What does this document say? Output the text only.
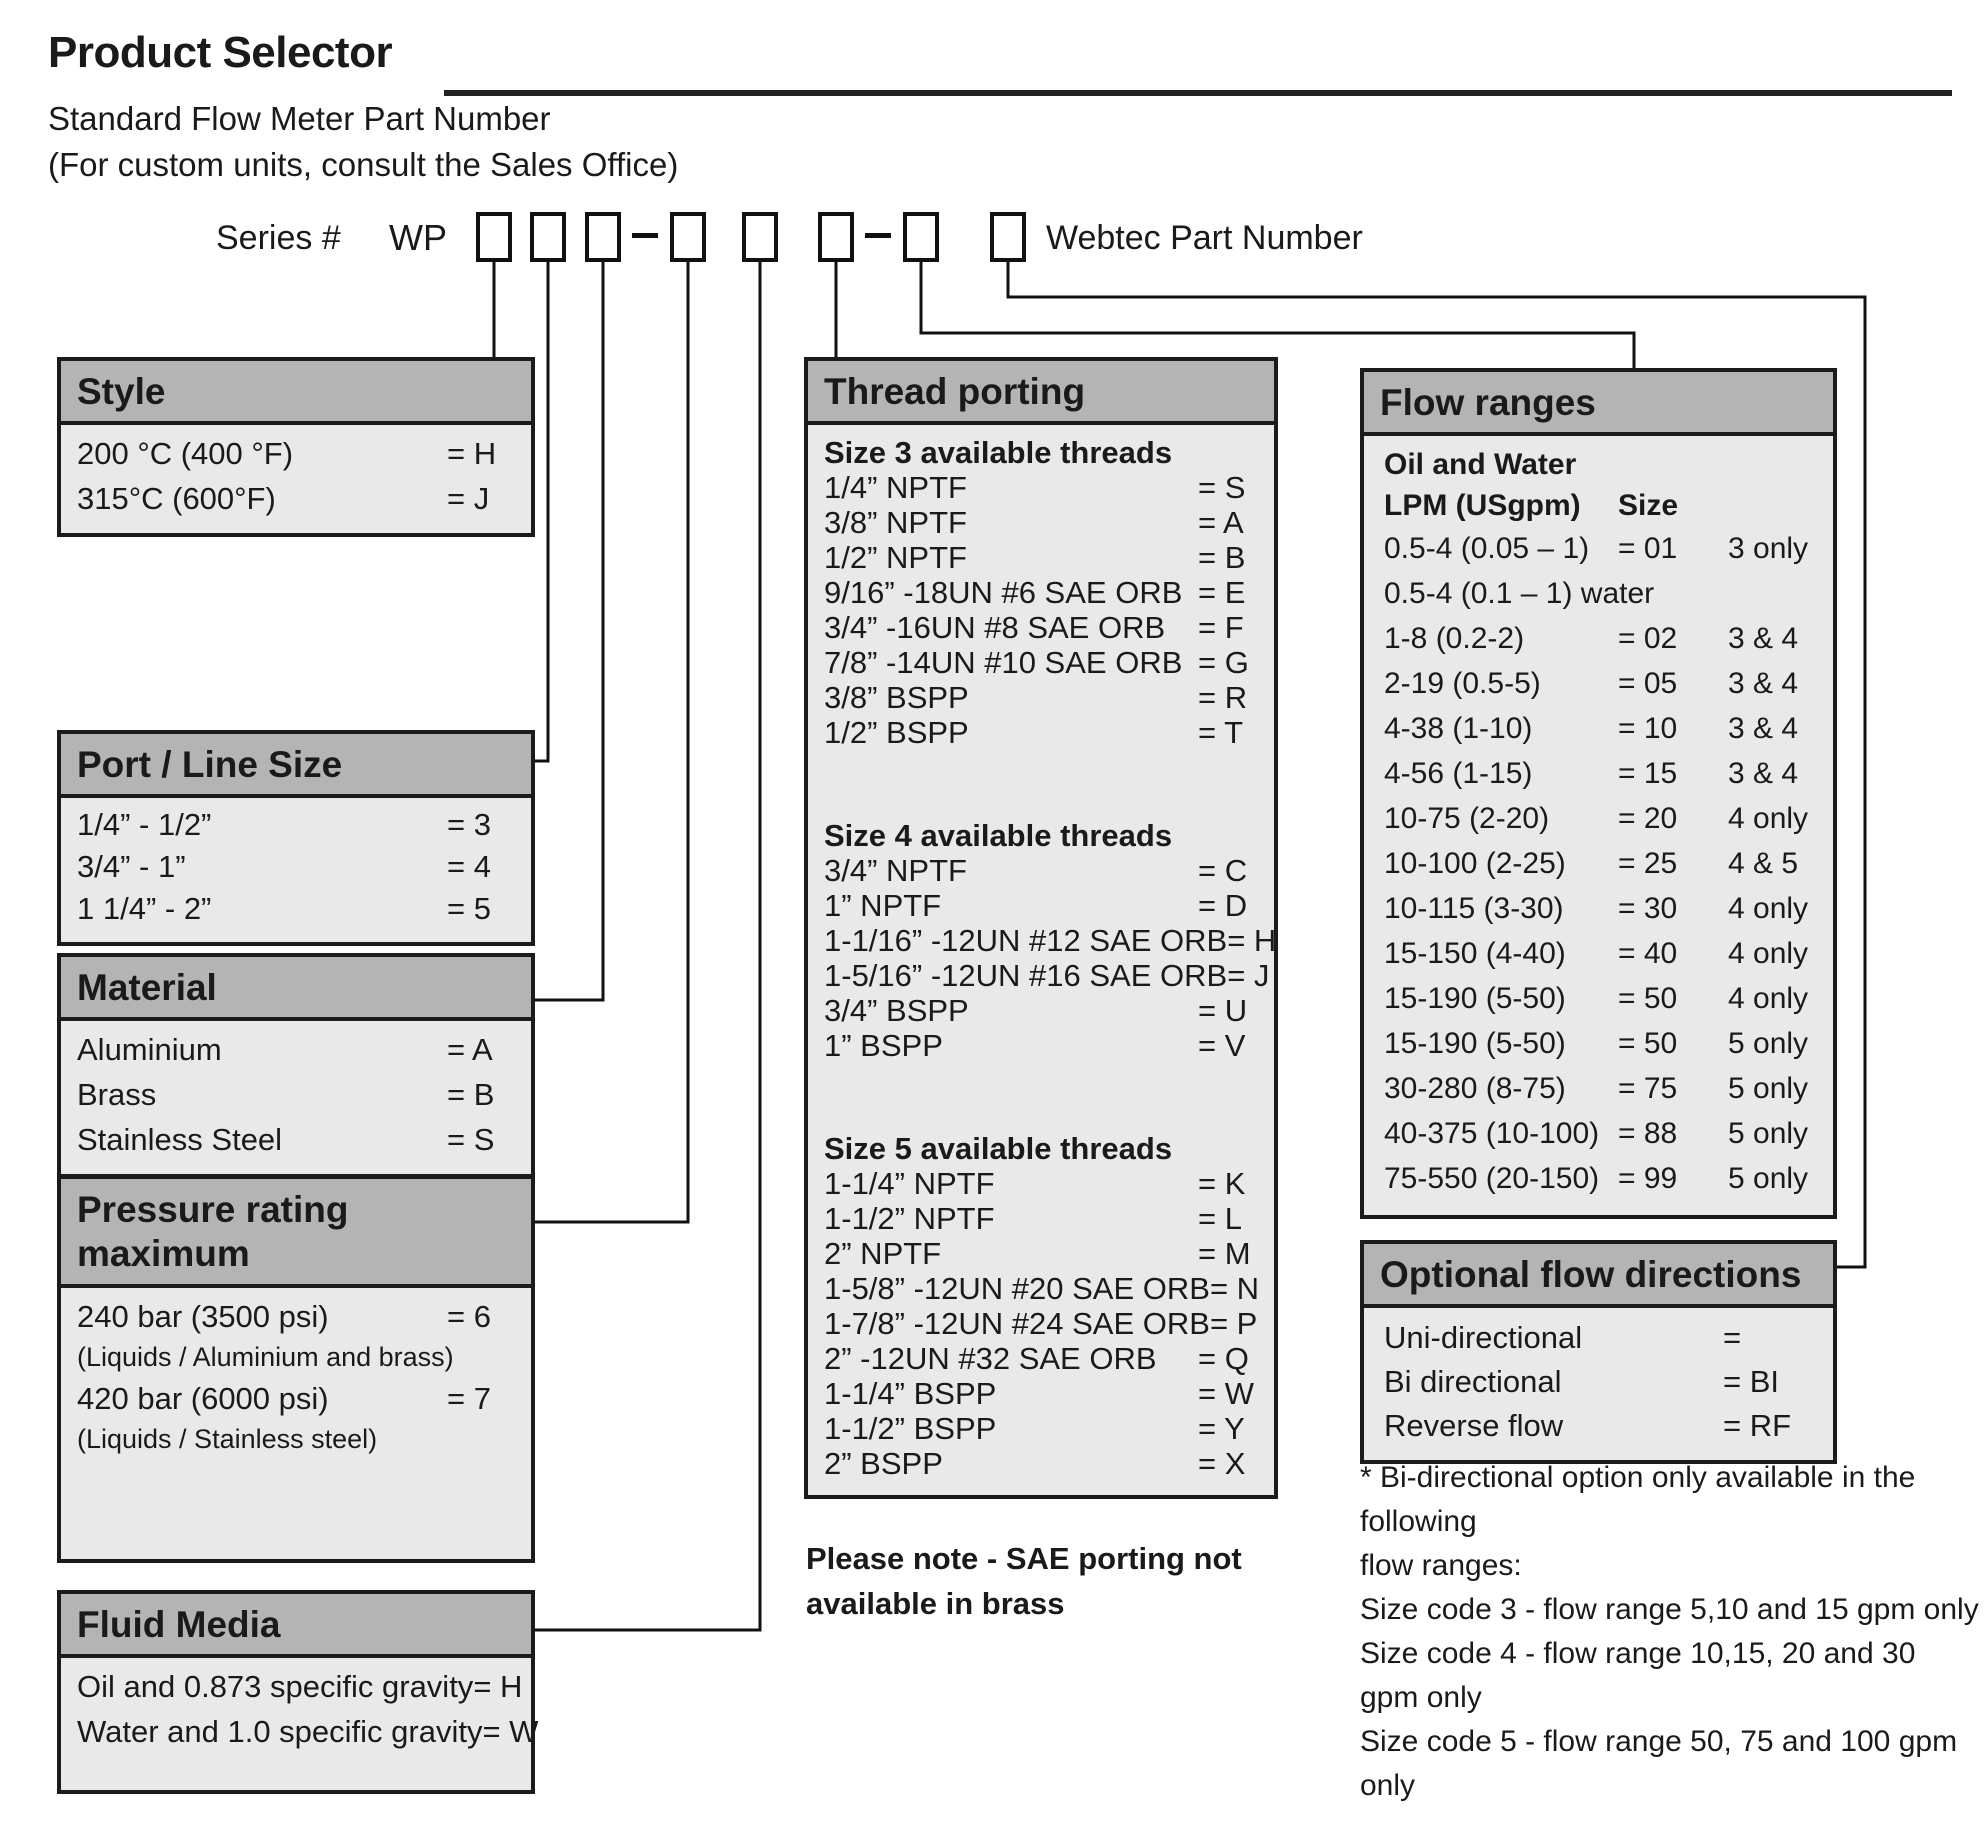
Product Selector
Standard Flow Meter Part Number
(For custom units, consult the Sales Office)
Series # WP	Webtec Part Number
Style
200 °C (400 °F)	= H
315°C (600°F)	= J
Port / Line Size
1/4” - 1/2”	= 3
3/4” - 1”	= 4
1 1/4” - 2”	= 5
Material
Aluminium	= A
Brass	= B
Stainless Steel	= S
Pressure rating maximum
240 bar (3500 psi)	= 6
(Liquids / Aluminium and brass)
420 bar (6000 psi)	= 7
(Liquids / Stainless steel)
Fluid Media
Oil and 0.873 specific gravity = H
Water and 1.0 specific gravity = W
Thread porting
Size 3 available threads
1/4” NPTF	= S
3/8” NPTF	= A
1/2” NPTF	= B
9/16” -18UN #6 SAE ORB = E
3/4” -16UN #8 SAE ORB	= F
7/8” -14UN #10 SAE ORB = G
3/8” BSPP	= R
1/2” BSPP	= T
Size 4 available threads
3/4” NPTF	= C
1” NPTF	= D
1-1/16” -12UN #12 SAE ORB = H
1-5/16” -12UN #16 SAE ORB = J
3/4” BSPP	= U
1” BSPP	= V
Size 5 available threads
1-1/4” NPTF	= K
1-1/2” NPTF	= L
2” NPTF	= M
1-5/8” -12UN #20 SAE ORB = N
1-7/8” -12UN #24 SAE ORB = P
2” -12UN #32 SAE ORB	= Q
1-1/4” BSPP	= W
1-1/2” BSPP	= Y
2” BSPP	= X
Please note - SAE porting not
available in brass
Flow ranges
Oil and Water
LPM (USgpm)	Size
0.5-4 (0.05 – 1) = 01	3 only
0.5-4 (0.1 – 1) water
1-8 (0.2-2)	= 02	3 & 4
2-19 (0.5-5)	= 05	3 & 4
4-38 (1-10)	= 10	3 & 4
4-56 (1-15)	= 15	3 & 4
10-75 (2-20)	= 20	4 only
10-100 (2-25)	= 25	4 & 5
10-115 (3-30)	= 30	4 only
15-150 (4-40)	= 40	4 only
15-190 (5-50)	= 50	4 only
15-190 (5-50)	= 50	5 only
30-280 (8-75)	= 75	5 only
40-375 (10-100) = 88	5 only
75-550 (20-150) = 99	5 only
Optional flow directions
Uni-directional	=
Bi directional	= BI
Reverse flow	= RF
* Bi-directional option only available in the following
flow ranges:
Size code 3 - flow range 5,10 and 15 gpm only
Size code 4 - flow range 10,15, 20 and 30 gpm only
Size code 5 - flow range 50, 75 and 100 gpm only
